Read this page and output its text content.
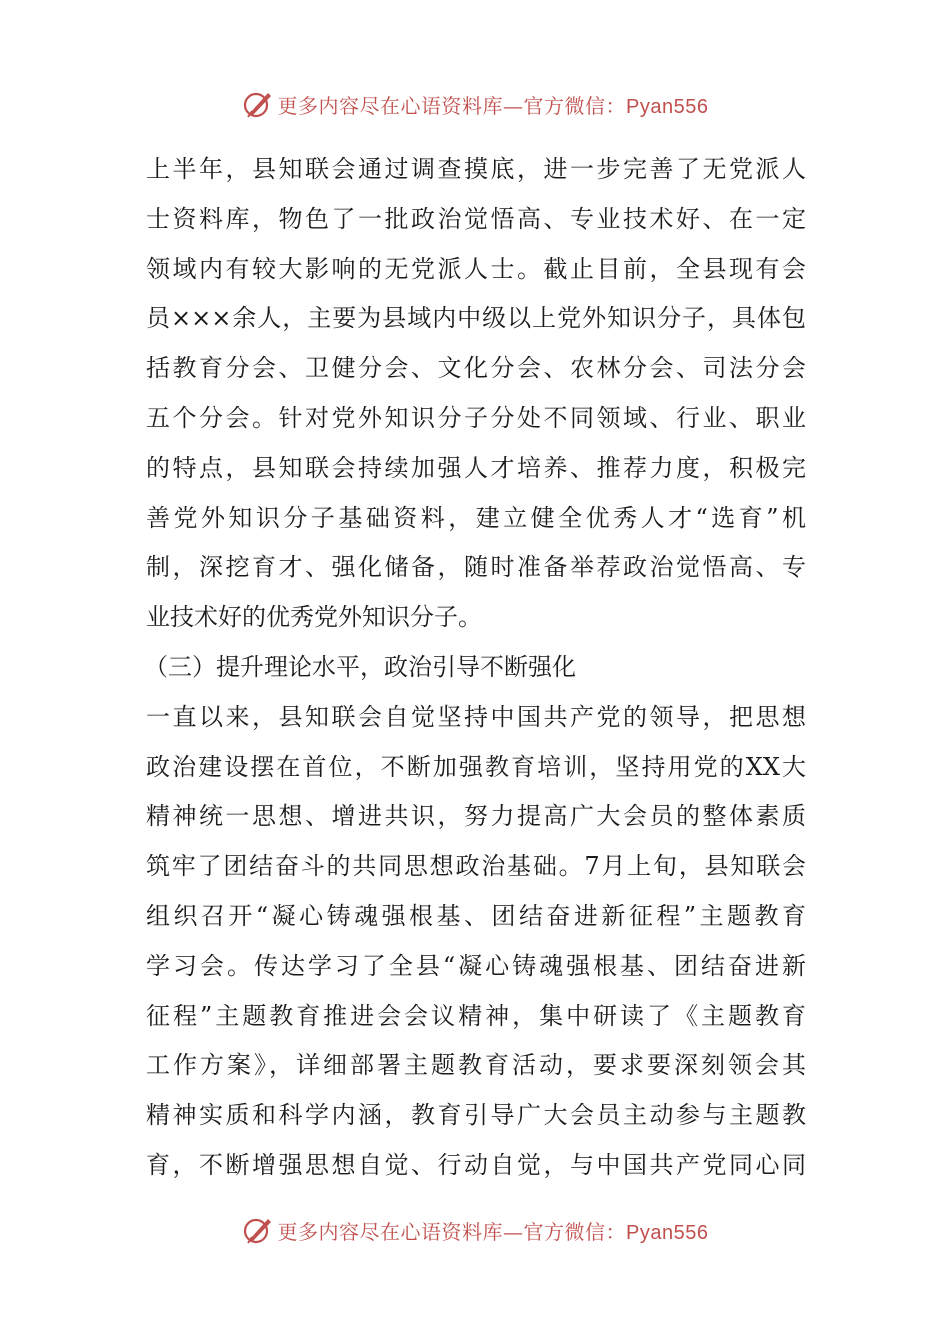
更多内容尽在心语资料库—官方微信：Pyan556
上半年，县知联会通过调查摸底，进一步完善了无党派人
士资料库，物色了一批政治觉悟高、专业技术好、在一定
领域内有较大影响的无党派人士。截止目前，全县现有会
员×××余人，主要为县域内中级以上党外知识分子，具体包
括教育分会、卫健分会、文化分会、农林分会、司法分会
五个分会。针对党外知识分子分处不同领域、行业、职业
的特点，县知联会持续加强人才培养、推荐力度，积极完
善党外知识分子基础资料，建立健全优秀人才“选育”机
制，深挖育才、强化储备，随时准备举荐政治觉悟高、专
业技术好的优秀党外知识分子。
（三）提升理论水平，政治引导不断强化
一直以来，县知联会自觉坚持中国共产党的领导，把思想
政治建设摆在首位，不断加强教育培训，坚持用党的XX大
精神统一思想、增进共识，努力提高广大会员的整体素质
筑牢了团结奋斗的共同思想政治基础。7月上旬，县知联会
组织召开“凝心铸魂强根基、团结奋进新征程”主题教育
学习会。传达学习了全县“凝心铸魂强根基、团结奋进新
征程”主题教育推进会会议精神，集中研读了《主题教育
工作方案》，详细部署主题教育活动，要求要深刻领会其
精神实质和科学内涵，教育引导广大会员主动参与主题教
育，不断增强思想自觉、行动自觉，与中国共产党同心同
更多内容尽在心语资料库—官方微信：Pyan556
